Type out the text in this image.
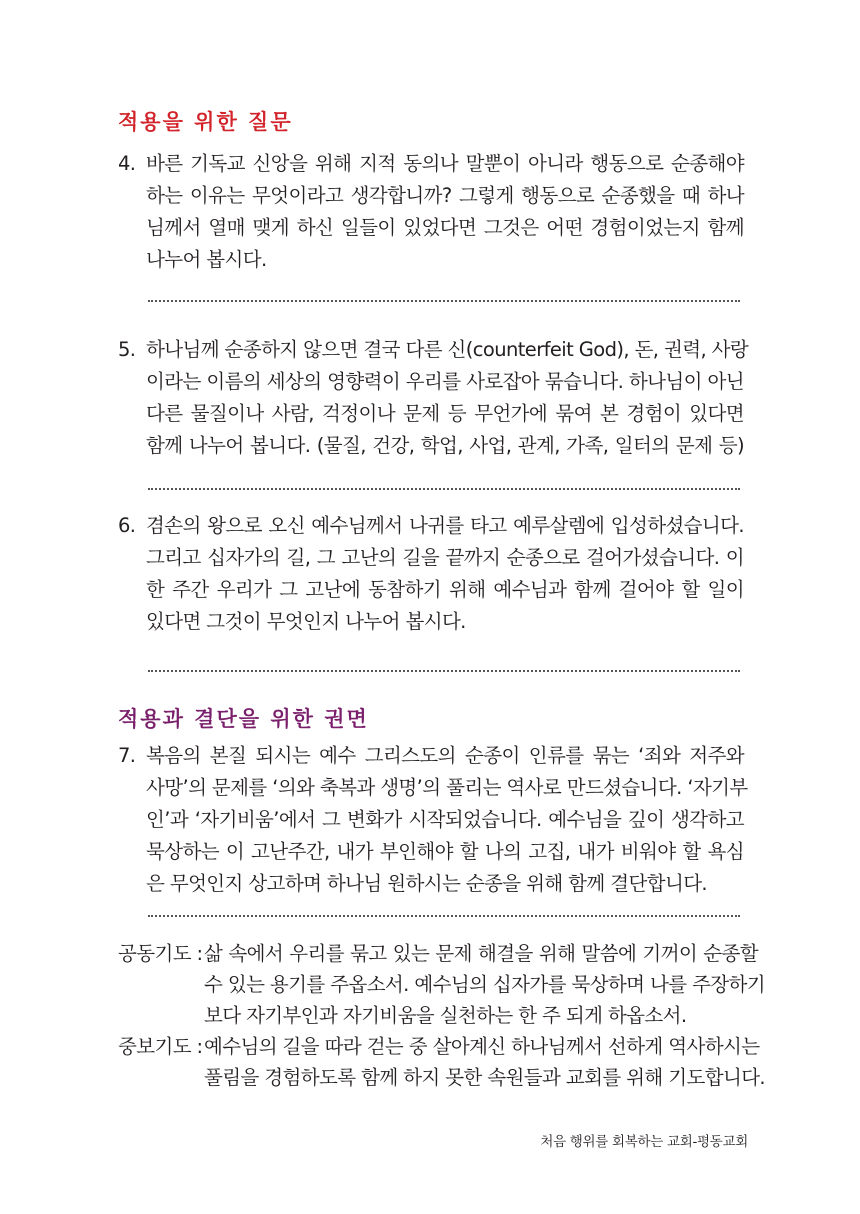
적용을 위한 질문
4. 바른 기독교 신앙을 위해 지적 동의나 말뿐이 아니라 행동으로 순종해야
하는 이유는 무엇이라고 생각합니까? 그렇게 행동으로 순종했을 때 하나
님께서 열매 맺게 하신 일들이 있었다면 그것은 어떤 경험이었는지 함께
나누어 봅시다.
5. 하나님께 순종하지 않으면 결국 다른 신(counterfeit God), 돈, 권력, 사랑
이라는 이름의 세상의 영향력이 우리를 사로잡아 묶습니다. 하나님이 아닌
다른 물질이나 사람, 걱정이나 문제 등 무언가에 묶여 본 경험이 있다면
함께 나누어 봅니다. (물질, 건강, 학업, 사업, 관계, 가족, 일터의 문제 등)
6. 겸손의 왕으로 오신 예수님께서 나귀를 타고 예루살렘에 입성하셨습니다.
그리고 십자가의 길, 그 고난의 길을 끝까지 순종으로 걸어가셨습니다. 이
한 주간 우리가 그 고난에 동참하기 위해 예수님과 함께 걸어야 할 일이
있다면 그것이 무엇인지 나누어 봅시다.
적용과 결단을 위한 권면
7. 복음의 본질 되시는 예수 그리스도의 순종이 인류를 묶는 ‘죄와 저주와
사망’의 문제를 ‘의와 축복과 생명’의 풀리는 역사로 만드셨습니다. ‘자기부
인’과 ‘자기비움’에서 그 변화가 시작되었습니다. 예수님을 깊이 생각하고
묵상하는 이 고난주간, 내가 부인해야 할 나의 고집, 내가 비워야 할 욕심
은 무엇인지 상고하며 하나님 원하시는 순종을 위해 함께 결단합니다.
공동기도 : 삶 속에서 우리를 묶고 있는 문제 해결을 위해 말씀에 기꺼이 순종할
수 있는 용기를 주옵소서. 예수님의 십자가를 묵상하며 나를 주장하기
보다 자기부인과 자기비움을 실천하는 한 주 되게 하옵소서.
중보기도 : 예수님의 길을 따라 걷는 중 살아계신 하나님께서 선하게 역사하시는
풀림을 경험하도록 함께 하지 못한 속원들과 교회를 위해 기도합니다.
처음 행위를 회복하는 교회-평동교회
